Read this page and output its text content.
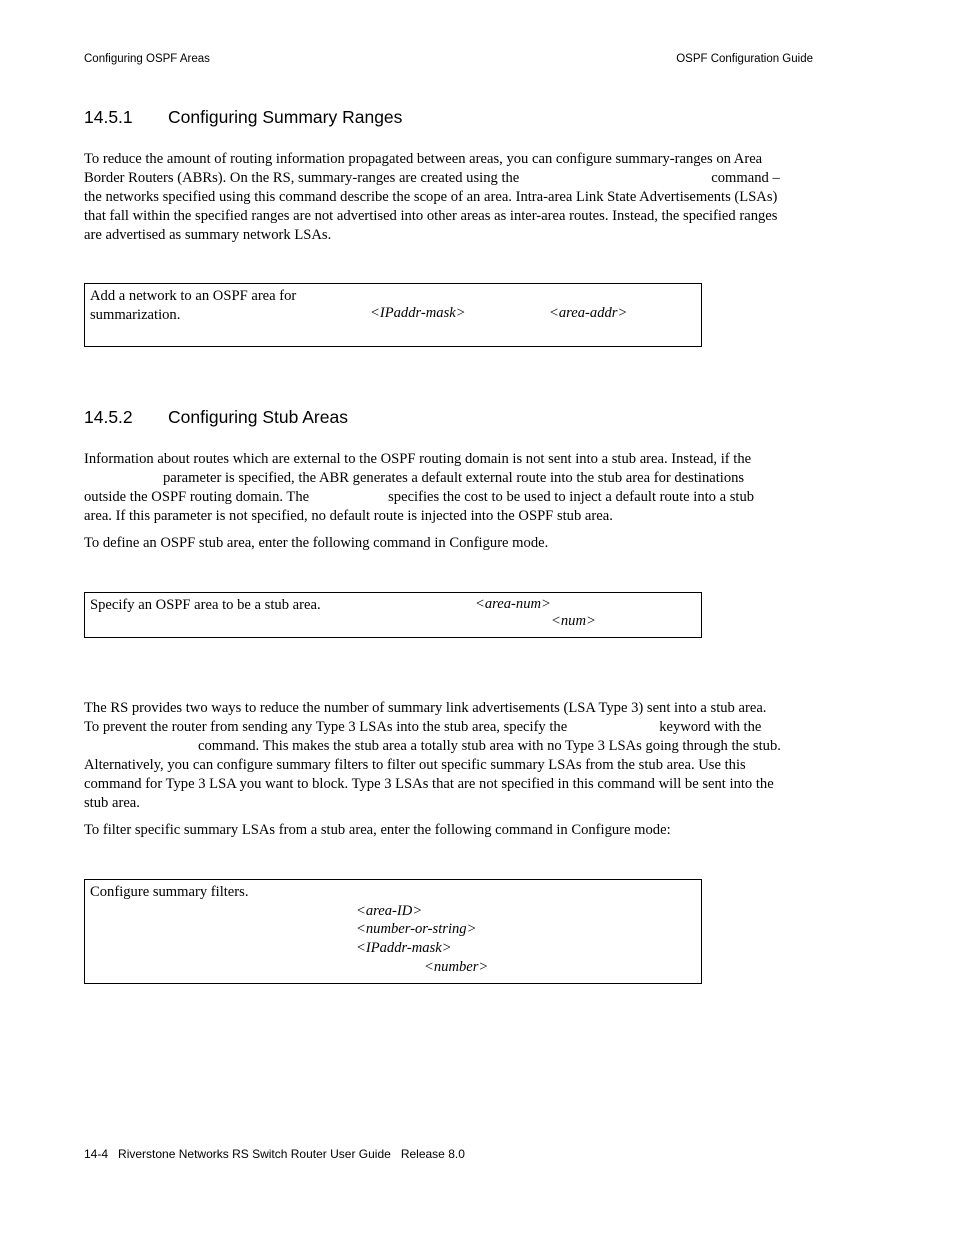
Configuring OSPF Areas	OSPF Configuration Guide
14.5.1 Configuring Summary Ranges
To reduce the amount of routing information propagated between areas, you can configure summary-ranges on Area
Border Routers (ABRs). On the RS, summary-ranges are created using the	command –
the networks specified using this command describe the scope of an area. Intra-area Link State Advertisements (LSAs)
that fall within the specified ranges are not advertised into other areas as inter-area routes. Instead, the specified ranges
are advertised as summary network LSAs.
Add a network to an OSPF area for
summarization.	<IPaddr-mask>	<area-addr>
14.5.2 Configuring Stub Areas
Information about routes which are external to the OSPF routing domain is not sent into a stub area. Instead, if the
parameter is specified, the ABR generates a default external route into the stub area for destinations
outside the OSPF routing domain. The	specifies the cost to be used to inject a default route into a stub
area. If this parameter is not specified, no default route is injected into the OSPF stub area.
To define an OSPF stub area, enter the following command in Configure mode.
Specify an OSPF area to be a stub area.	<area-num>
<num>
The RS provides two ways to reduce the number of summary link advertisements (LSA Type 3) sent into a stub area.
To prevent the router from sending any Type 3 LSAs into the stub area, specify the	keyword with the
command. This makes the stub area a totally stub area with no Type 3 LSAs going through the stub.
Alternatively, you can configure summary filters to filter out specific summary LSAs from the stub area. Use this
command for Type 3 LSA you want to block. Type 3 LSAs that are not specified in this command will be sent into the
stub area.
To filter specific summary LSAs from a stub area, enter the following command in Configure mode:
Configure summary filters.
<area-ID>
<number-or-string>
<IPaddr-mask>
<number>
14-4 Riverstone Networks RS Switch Router User Guide Release 8.0
